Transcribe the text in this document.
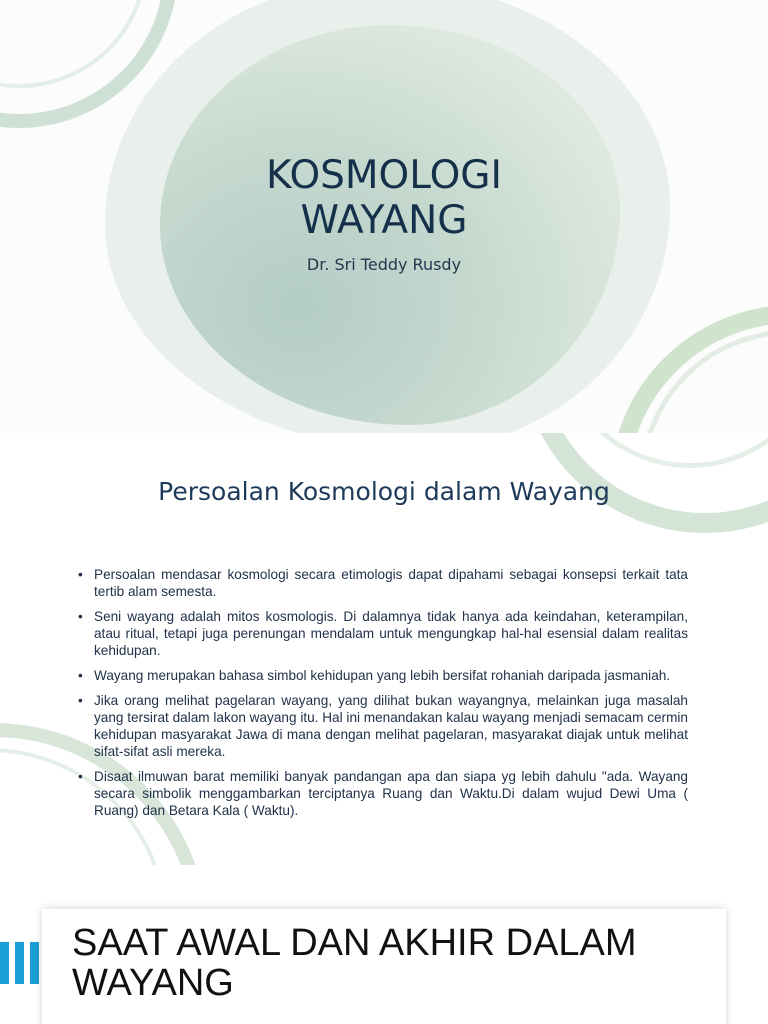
KOSMOLOGI
WAYANG
Dr. Sri Teddy Rusdy
Persoalan Kosmologi dalam Wayang
• Persoalan mendasar kosmologi secara etimologis dapat dipahami sebagai konsepsi terkait tata tertib alam semesta.
• Seni wayang adalah mitos kosmologis. Di dalamnya tidak hanya ada keindahan, keterampilan, atau ritual, tetapi juga perenungan mendalam untuk mengungkap hal-hal esensial dalam realitas kehidupan.
• Wayang merupakan bahasa simbol kehidupan yang lebih bersifat rohaniah daripada jasmaniah.
• Jika orang melihat pagelaran wayang, yang dilihat bukan wayangnya, melainkan juga masalah yang tersirat dalam lakon wayang itu. Hal ini menandakan kalau wayang menjadi semacam cermin kehidupan masyarakat Jawa di mana dengan melihat pagelaran, masyarakat diajak untuk melihat sifat-sifat asli mereka.
• Disaat ilmuwan barat memiliki banyak pandangan apa dan siapa yg lebih dahulu "ada. Wayang secara simbolik menggambarkan terciptanya Ruang dan Waktu.Di dalam wujud Dewi Uma ( Ruang) dan Betara Kala ( Waktu).
SAAT AWAL DAN AKHIR DALAM
WAYANG
